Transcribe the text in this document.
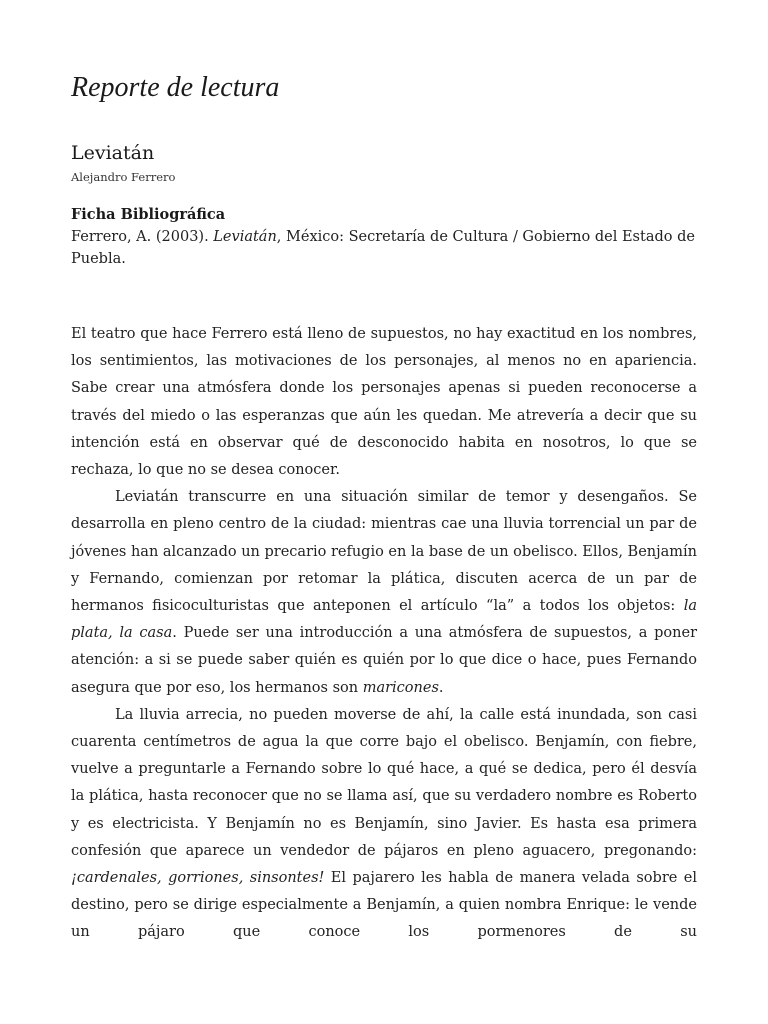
Reporte de lectura
Leviatán
Alejandro Ferrero
Ficha Bibliográfica

Ferrero, A. (2003). Leviatán, México: Secretaría de Cultura / Gobierno del Estado de Puebla.

El teatro que hace Ferrero está lleno de supuestos, no hay exactitud en los nombres, los sentimientos, las motivaciones de los personajes, al menos no en apariencia. Sabe crear una atmósfera donde los personajes apenas si pueden reconocerse a través del miedo o las esperanzas que aún les quedan. Me atrevería a decir que su intención está en observar qué de desconocido habita en nosotros, lo que se rechaza, lo que no se desea conocer.

Leviatán transcurre en una situación similar de temor y desengaños. Se desarrolla en pleno centro de la ciudad: mientras cae una lluvia torrencial un par de jóvenes han alcanzado un precario refugio en la base de un obelisco. Ellos, Benjamín y Fernando, comienzan por retomar la plática, discuten acerca de un par de hermanos fisicoculturistas que anteponen el artículo “la” a todos los objetos: la plata, la casa. Puede ser una introducción a una atmósfera de supuestos, a poner atención: a si se puede saber quién es quién por lo que dice o hace, pues Fernando asegura que por eso, los hermanos son maricones.

La lluvia arrecia, no pueden moverse de ahí, la calle está inundada, son casi cuarenta centímetros de agua la que corre bajo el obelisco. Benjamín, con fiebre, vuelve a preguntarle a Fernando sobre lo qué hace, a qué se dedica, pero él desvía la plática, hasta reconocer que no se llama así, que su verdadero nombre es Roberto y es electricista. Y Benjamín no es Benjamín, sino Javier. Es hasta esa primera confesión que aparece un vendedor de pájaros en pleno aguacero, pregonando: ¡cardenales, gorriones, sinsontes! El pajarero les habla de manera velada sobre el destino, pero se dirige especialmente a Benjamín, a quien nombra Enrique: le vende un pájaro que conoce los pormenores de su
